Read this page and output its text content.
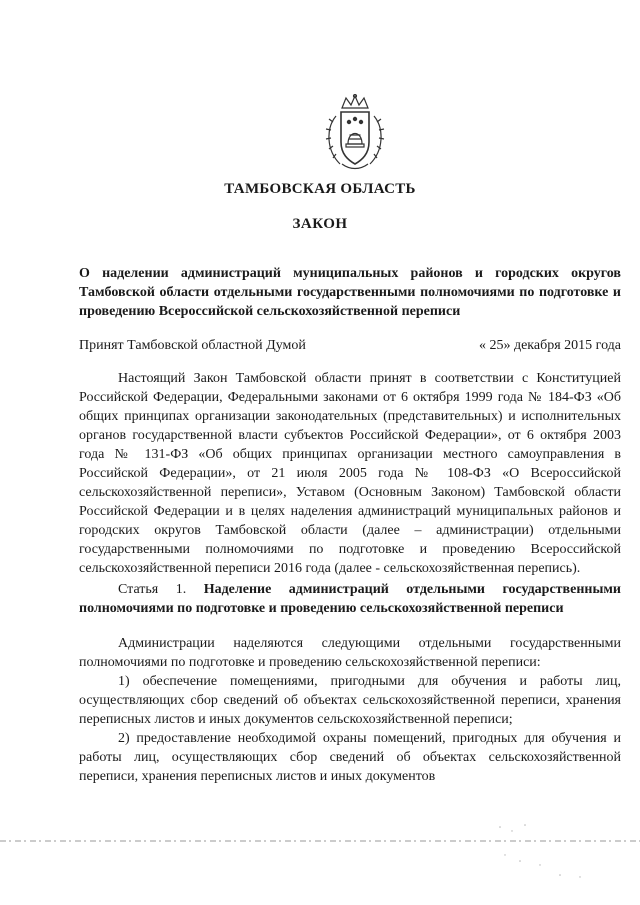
ТАМБОВСКАЯ ОБЛАСТЬ
ЗАКОН
О наделении администраций муниципальных районов и городских округов Тамбовской области отдельными государственными полномочиями по подготовке и проведению Всероссийской сельскохозяйственной переписи
Принят Тамбовской областной Думой	« 25» декабря 2015 года

Настоящий Закон Тамбовской области принят в соответствии с Конституцией Российской Федерации, Федеральными законами от 6 октября 1999 года № 184-ФЗ «Об общих принципах организации законодательных (представительных) и исполнительных органов государственной власти субъектов Российской Федерации», от 6 октября 2003 года № 131-ФЗ «Об общих принципах организации местного самоуправления в Российской Федерации», от 21 июля 2005 года № 108-ФЗ «О Всероссийской сельскохозяйственной переписи», Уставом (Основным Законом) Тамбовской области Российской Федерации и в целях наделения администраций муниципальных районов и городских округов Тамбовской области (далее – администрации) отдельными государственными полномочиями по подготовке и проведению Всероссийской сельскохозяйственной переписи 2016 года (далее - сельскохозяйственная перепись).

Статья 1. Наделение администраций отдельными государственными полномочиями по подготовке и проведению сельскохозяйственной переписи

Администрации наделяются следующими отдельными государственными полномочиями по подготовке и проведению сельскохозяйственной переписи:

1) обеспечение помещениями, пригодными для обучения и работы лиц, осуществляющих сбор сведений об объектах сельскохозяйственной переписи, хранения переписных листов и иных документов сельскохозяйственной переписи;

2) предоставление необходимой охраны помещений, пригодных для обучения и работы лиц, осуществляющих сбор сведений об объектах сельскохозяйственной переписи, хранения переписных листов и иных документов
